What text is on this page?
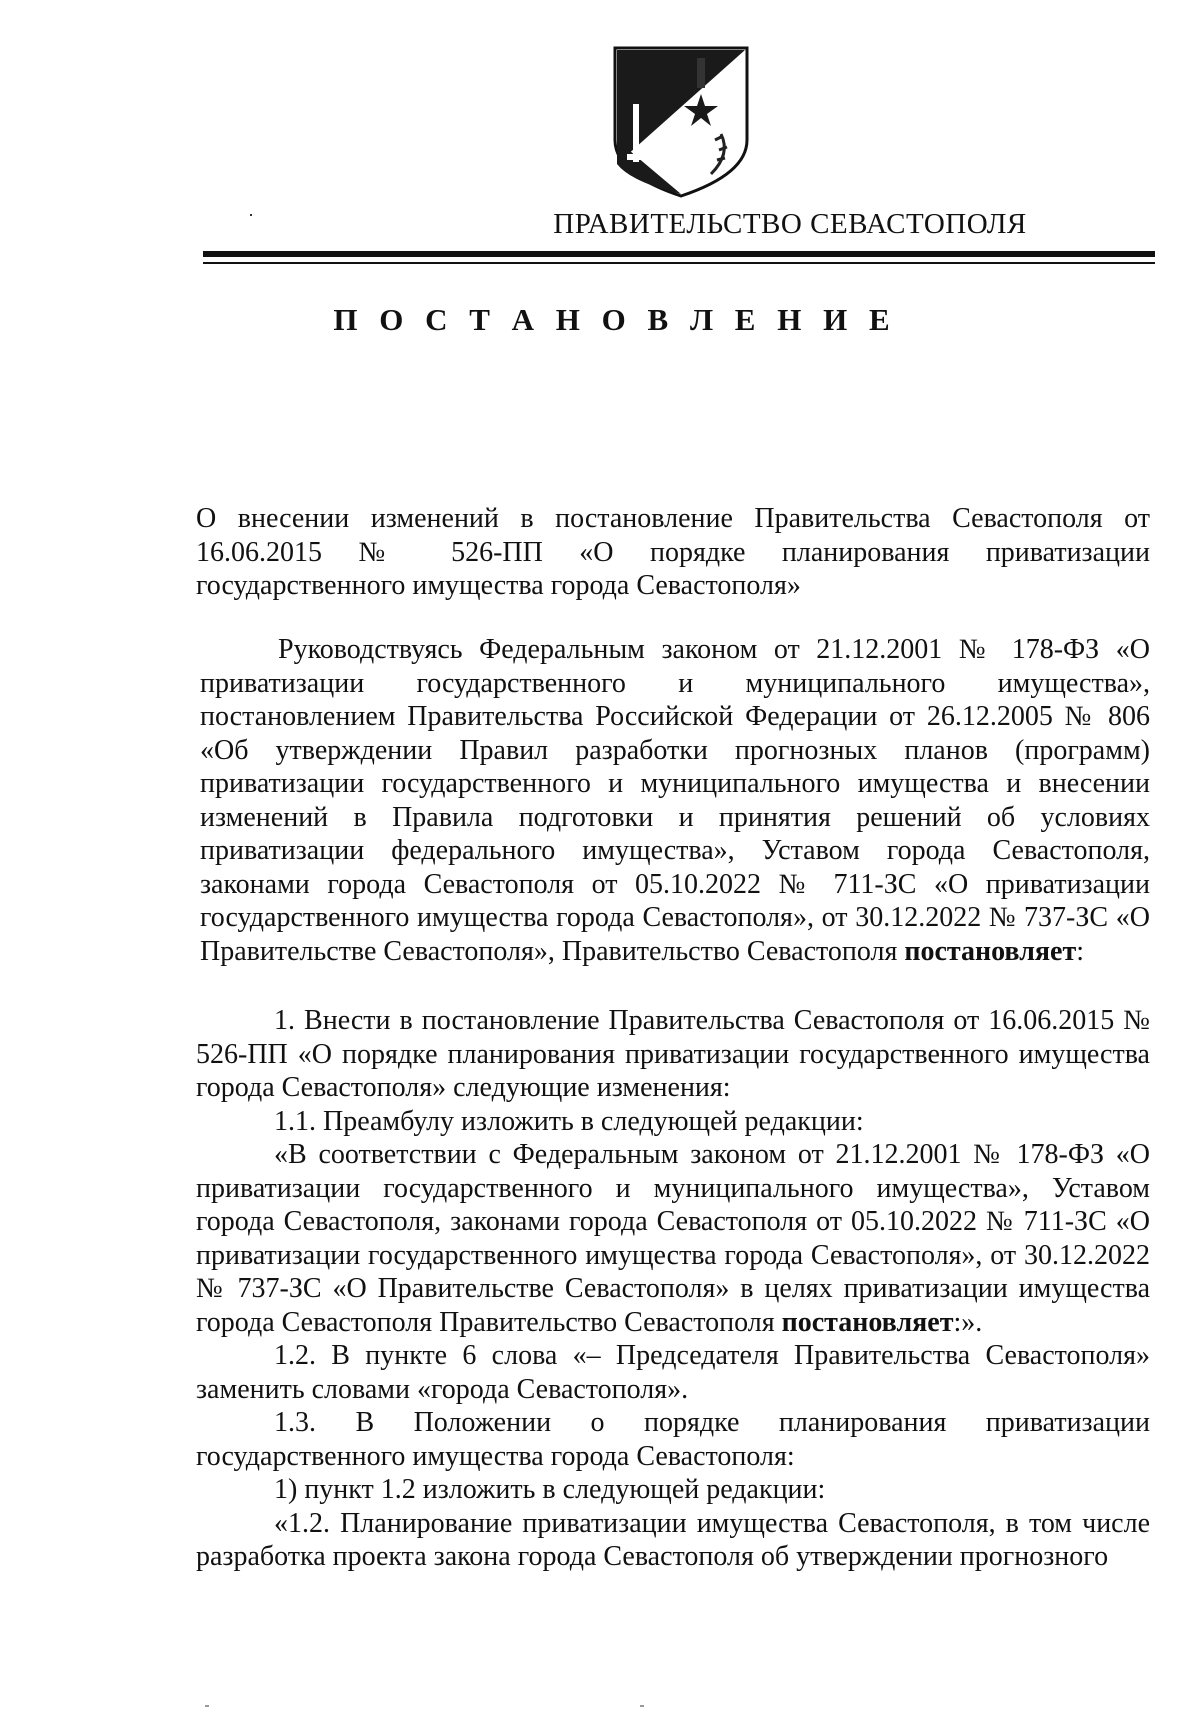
ПРАВИТЕЛЬСТВО СЕВАСТОПОЛЯ
П О С Т А Н О В Л Е Н И Е

О внесении изменений в постановление Правительства Севастополя от 16.06.2015 № 526-ПП «О порядке планирования приватизации государственного имущества города Севастополя»

Руководствуясь Федеральным законом от 21.12.2001 № 178-ФЗ «О приватизации государственного и муниципального имущества», постановлением Правительства Российской Федерации от 26.12.2005 № 806 «Об утверждении Правил разработки прогнозных планов (программ) приватизации государственного и муниципального имущества и внесении изменений в Правила подготовки и принятия решений об условиях приватизации федерального имущества», Уставом города Севастополя, законами города Севастополя от 05.10.2022 № 711-ЗС «О приватизации государственного имущества города Севастополя», от 30.12.2022 № 737-ЗС «О Правительстве Севастополя», Правительство Севастополя постановляет:

1. Внести в постановление Правительства Севастополя от 16.06.2015 № 526-ПП «О порядке планирования приватизации государственного имущества города Севастополя» следующие изменения:

1.1. Преамбулу изложить в следующей редакции:

«В соответствии с Федеральным законом от 21.12.2001 № 178-ФЗ «О приватизации государственного и муниципального имущества», Уставом города Севастополя, законами города Севастополя от 05.10.2022 № 711-ЗС «О приватизации государственного имущества города Севастополя», от 30.12.2022 № 737-ЗС «О Правительстве Севастополя» в целях приватизации имущества города Севастополя Правительство Севастополя постановляет:».

1.2. В пункте 6 слова «– Председателя Правительства Севастополя» заменить словами «города Севастополя».

1.3. В Положении о порядке планирования приватизации государственного имущества города Севастополя:

1) пункт 1.2 изложить в следующей редакции:

«1.2. Планирование приватизации имущества Севастополя, в том числе разработка проекта закона города Севастополя об утверждении прогнозного
